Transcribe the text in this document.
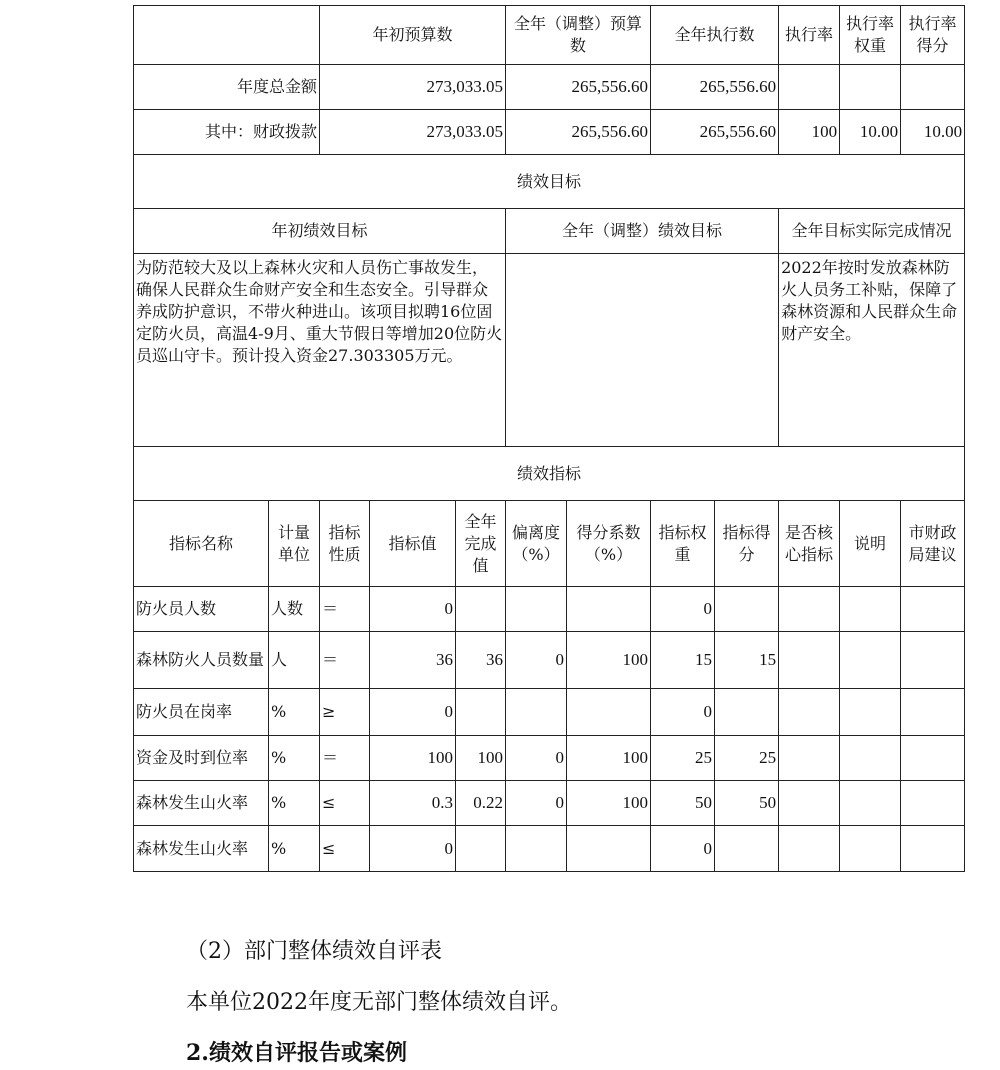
		年初预算数			全年（调整）预算数		全年执行数		执行率	执行率权重	执行率得分
年度总金额		273,033.05			265,556.60		265,556.60				
其中：财政拨款		273,033.05			265,556.60		265,556.60		100	10.00	10.00
绩效目标											
年初绩效目标					全年（调整）绩效目标				全年目标实际完成情况		
为防范较大及以上森林火灾和人员伤亡事故发生，确保人民群众生命财产安全和生态安全。引导群众养成防护意识，不带火种进山。该项目拟聘16位固定防火员，高温4-9月、重大节假日等增加20位防火员巡山守卡。预计投入资金27.303305万元。									2022年按时发放森林防火人员务工补贴，保障了森林资源和人民群众生命财产安全。		
绩效指标											
指标名称	计量单位	指标性质	指标值	全年完成值	偏离度（%）	得分系数（%）	指标权重	指标得分	是否核心指标	说明	市财政局建议
防火员人数	人数	＝	0				0				
森林防火人员数量	人	＝	36	36	0	100	15	15			
防火员在岗率	%	≥	0				0				
资金及时到位率	%	＝	100	100	0	100	25	25			
森林发生山火率	%	≤	0.3	0.22	0	100	50	50			
森林发生山火率	%	≤	0				0				
（2）部门整体绩效自评表
本单位2022年度无部门整体绩效自评。
2.绩效自评报告或案例
